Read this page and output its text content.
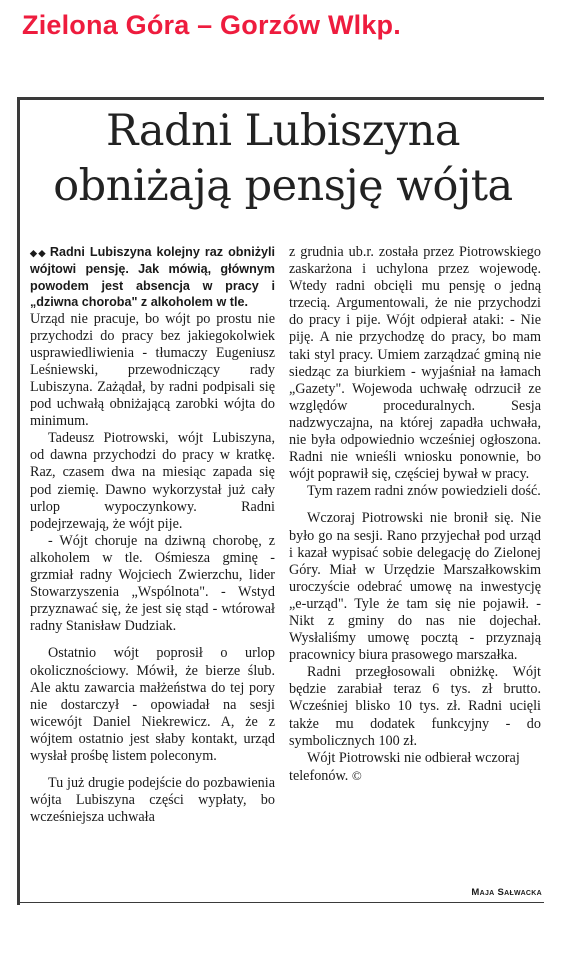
Zielona Góra – Gorzów Wlkp.
Radni Lubiszyna
obniżają pensję wójta

◆◆ Radni Lubiszyna kolejny raz obniżyli wójtowi pensję. Jak mówią, głównym powodem jest absencja w pracy i „dziwna choroba" z alkoholem w tle.

Urząd nie pracuje, bo wójt po prostu nie przychodzi do pracy bez jakiegokolwiek usprawiedliwienia - tłumaczy Eugeniusz Leśniewski, przewodniczący rady Lubiszyna. Zażądał, by radni podpisali się pod uchwałą obniżającą zarobki wójta do minimum.

Tadeusz Piotrowski, wójt Lubiszyna, od dawna przychodzi do pracy w kratkę. Raz, czasem dwa na miesiąc zapada się pod ziemię. Dawno wykorzystał już cały urlop wypoczynkowy. Radni podejrzewają, że wójt pije.

- Wójt choruje na dziwną chorobę, z alkoholem w tle. Ośmiesza gminę - grzmiał radny Wojciech Zwierzchu, lider Stowarzyszenia „Wspólnota". - Wstyd przyznawać się, że jest się stąd - wtórował radny Stanisław Dudziak.

Ostatnio wójt poprosił o urlop okolicznościowy. Mówił, że bierze ślub. Ale aktu zawarcia małżeństwa do tej pory nie dostarczył - opowiadał na sesji wicewójt Daniel Niekrewicz. A, że z wójtem ostatnio jest słaby kontakt, urząd wysłał prośbę listem poleconym.

Tu już drugie podejście do pozbawienia wójta Lubiszyna części wypłaty, bo wcześniejsza uchwała

z grudnia ub.r. została przez Piotrowskiego zaskarżona i uchylona przez wojewodę. Wtedy radni obcięli mu pensję o jedną trzecią. Argumentowali, że nie przychodzi do pracy i pije. Wójt odpierał ataki: - Nie piję. A nie przychodzę do pracy, bo mam taki styl pracy. Umiem zarządzać gminą nie siedząc za biurkiem - wyjaśniał na łamach „Gazety". Wojewoda uchwałę odrzucił ze względów proceduralnych. Sesja nadzwyczajna, na której zapadła uchwała, nie była odpowiednio wcześniej ogłoszona. Radni nie wnieśli wniosku ponownie, bo wójt poprawił się, częściej bywał w pracy.

Tym razem radni znów powiedzieli dość.

Wczoraj Piotrowski nie bronił się. Nie było go na sesji. Rano przyjechał pod urząd i kazał wypisać sobie delegację do Zielonej Góry. Miał w Urzędzie Marszałkowskim uroczyście odebrać umowę na inwestycję „e-urząd". Tyle że tam się nie pojawił. - Nikt z gminy do nas nie dojechał. Wysłaliśmy umowę pocztą - przyznają pracownicy biura prasowego marszałka.

Radni przegłosowali obniżkę. Wójt będzie zarabiał teraz 6 tys. zł brutto. Wcześniej blisko 10 tys. zł. Radni ucięli także mu dodatek funkcyjny - do symbolicznych 100 zł.

Wójt Piotrowski nie odbierał wczoraj telefonów. ©

Maja Sałwacka
